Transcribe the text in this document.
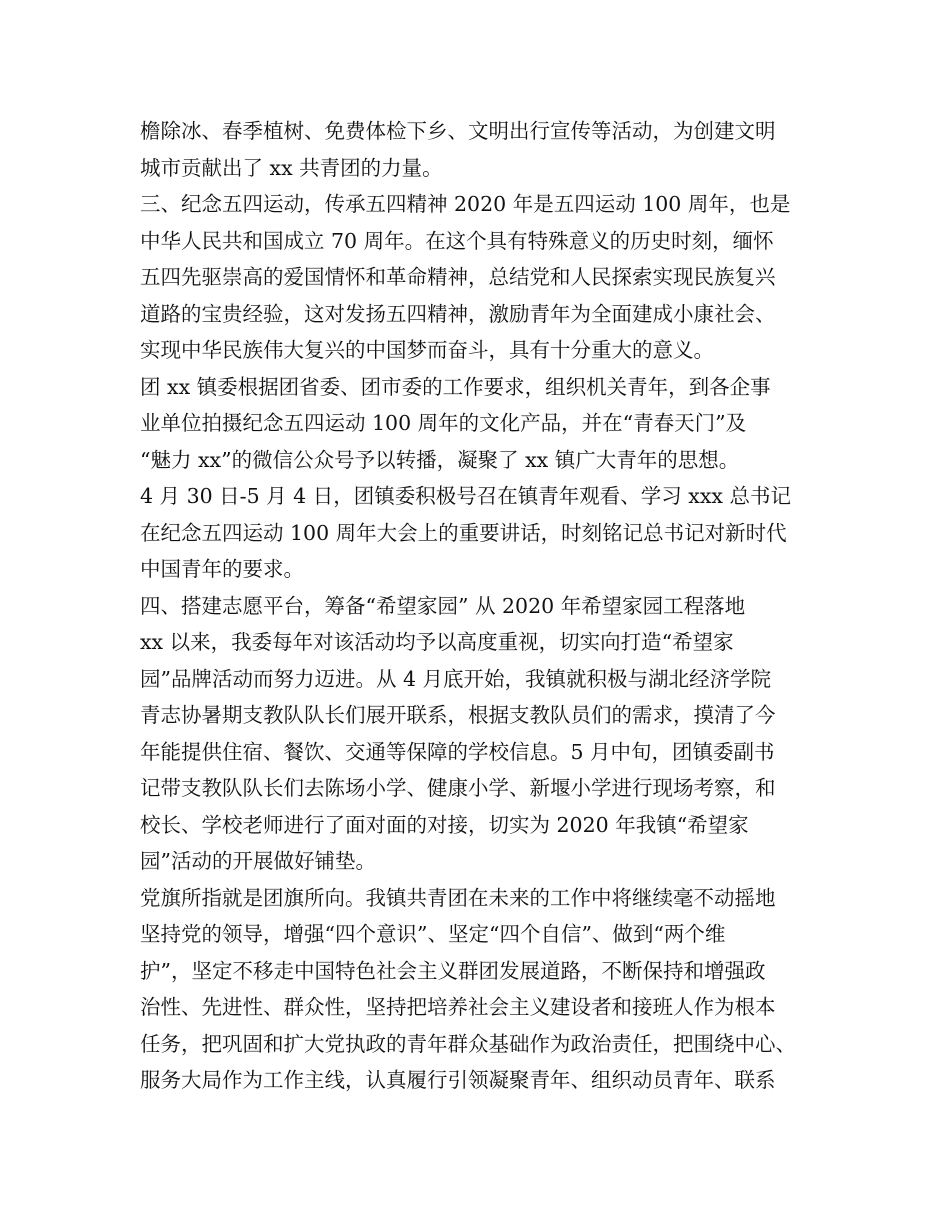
檐除冰、春季植树、免费体检下乡、文明出行宣传等活动，为创建文明
城市贡献出了 xx 共青团的力量。
三、纪念五四运动，传承五四精神 2020 年是五四运动 100 周年，也是
中华人民共和国成立 70 周年。在这个具有特殊意义的历史时刻，缅怀
五四先驱崇高的爱国情怀和革命精神，总结党和人民探索实现民族复兴
道路的宝贵经验，这对发扬五四精神，激励青年为全面建成小康社会、
实现中华民族伟大复兴的中国梦而奋斗，具有十分重大的意义。
团 xx 镇委根据团省委、团市委的工作要求，组织机关青年，到各企事
业单位拍摄纪念五四运动 100 周年的文化产品，并在“青春天门”及
“魅力 xx”的微信公众号予以转播，凝聚了 xx 镇广大青年的思想。
4 月 30 日-5 月 4 日，团镇委积极号召在镇青年观看、学习 xxx 总书记
在纪念五四运动 100 周年大会上的重要讲话，时刻铭记总书记对新时代
中国青年的要求。
四、搭建志愿平台，筹备“希望家园” 从 2020 年希望家园工程落地
xx 以来，我委每年对该活动均予以高度重视，切实向打造“希望家
园”品牌活动而努力迈进。从 4 月底开始，我镇就积极与湖北经济学院
青志协暑期支教队队长们展开联系，根据支教队员们的需求，摸清了今
年能提供住宿、餐饮、交通等保障的学校信息。5 月中旬，团镇委副书
记带支教队队长们去陈场小学、健康小学、新堰小学进行现场考察，和
校长、学校老师进行了面对面的对接，切实为 2020 年我镇“希望家
园”活动的开展做好铺垫。
党旗所指就是团旗所向。我镇共青团在未来的工作中将继续毫不动摇地
坚持党的领导，增强“四个意识”、坚定“四个自信”、做到“两个维
护”，坚定不移走中国特色社会主义群团发展道路，不断保持和增强政
治性、先进性、群众性，坚持把培养社会主义建设者和接班人作为根本
任务，把巩固和扩大党执政的青年群众基础作为政治责任，把围绕中心、
服务大局作为工作主线，认真履行引领凝聚青年、组织动员青年、联系
